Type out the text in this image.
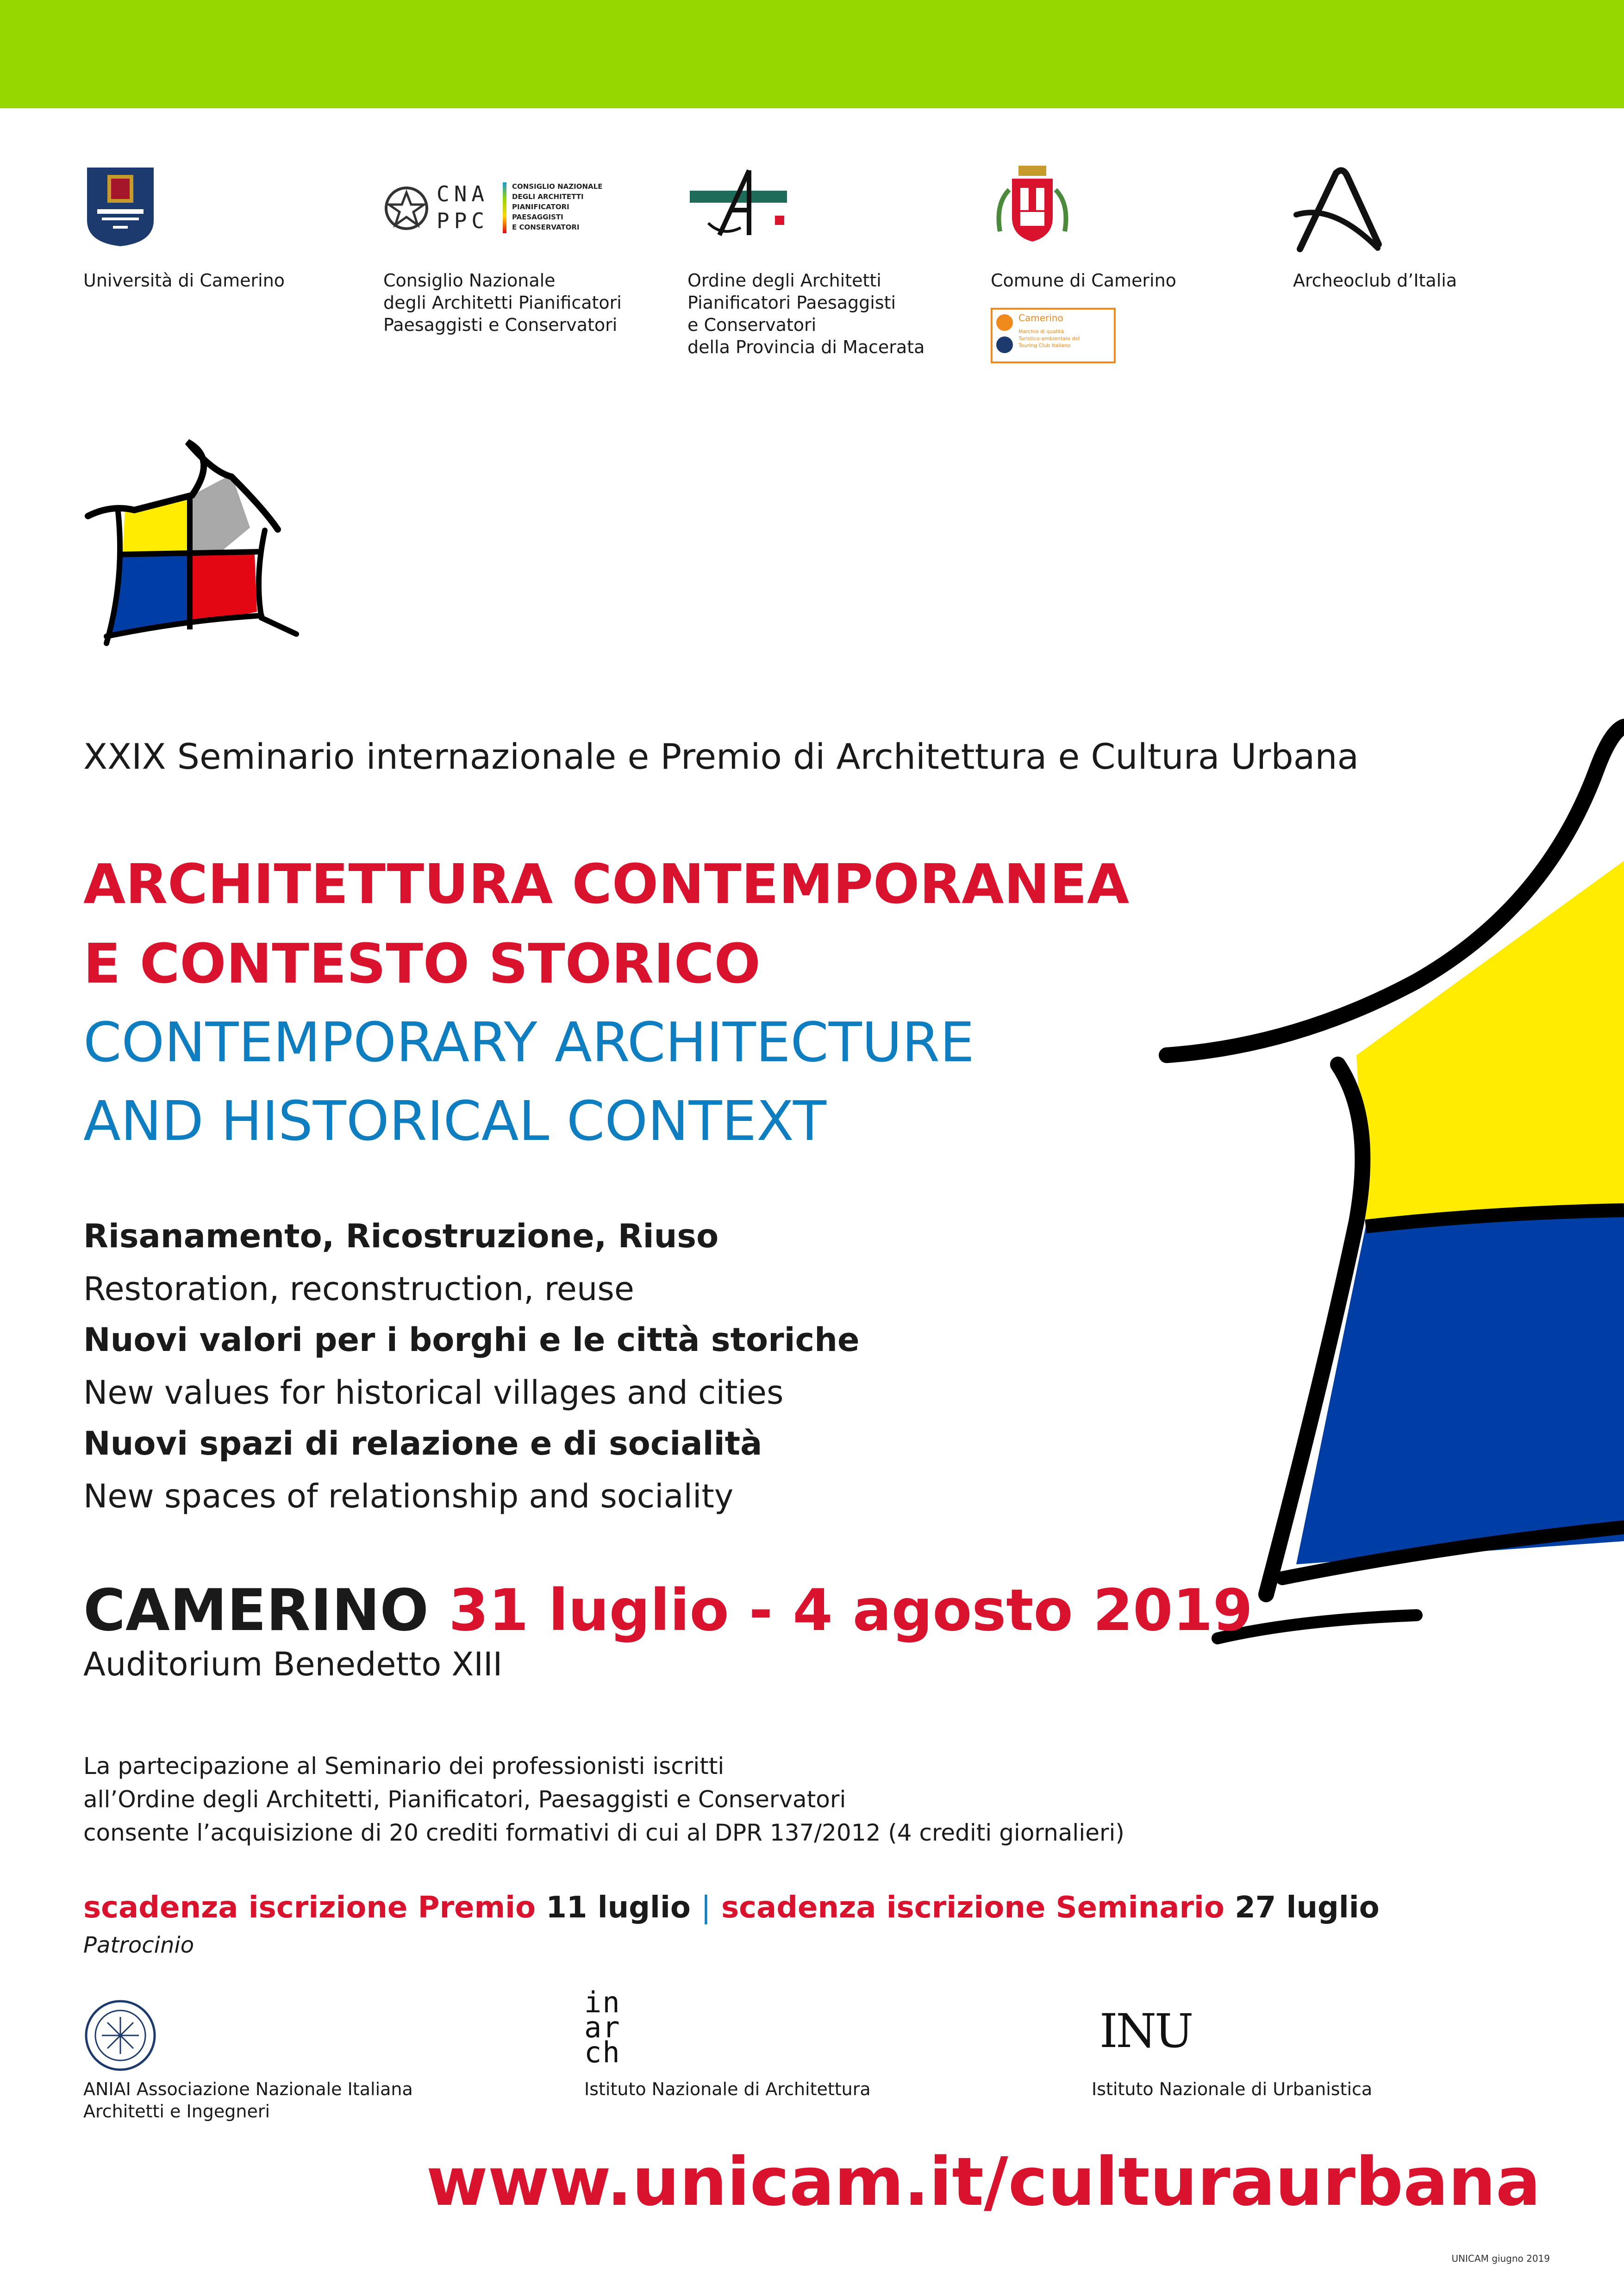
Università di Camerino
CNA
PPC
CONSIGLIO NAZIONALE
DEGLI ARCHITETTI
PIANIFICATORI
PAESAGGISTI
E CONSERVATORI
Consiglio Nazionale
degli Architetti Pianificatori
Paesaggisti e Conservatori
Ordine degli Architetti
Pianificatori Paesaggisti
e Conservatori
della Provincia di Macerata
Comune di Camerino
Camerino
Marchio di qualità
Turistico-ambientale del
Touring Club Italiano
Archeoclub d’Italia
XXIX Seminario internazionale e Premio di Architettura e Cultura Urbana
ARCHITETTURA CONTEMPORANEA
E CONTESTO STORICO
CONTEMPORARY ARCHITECTURE
AND HISTORICAL CONTEXT
Risanamento, Ricostruzione, Riuso
Restoration, reconstruction, reuse
Nuovi valori per i borghi e le città storiche
New values for historical villages and cities
Nuovi spazi di relazione e di socialità
New spaces of relationship and sociality
CAMERINO 31 luglio - 4 agosto 2019
Auditorium Benedetto XIII
La partecipazione al Seminario dei professionisti iscritti
all’Ordine degli Architetti, Pianificatori, Paesaggisti e Conservatori
consente l’acquisizione di 20 crediti formativi di cui al DPR 137/2012 (4 crediti giornalieri)
scadenza iscrizione Premio 11 luglio | scadenza iscrizione Seminario 27 luglio
Patrocinio
ANIAI Associazione Nazionale Italiana
Architetti e Ingegneri
in
ar
ch
Istituto Nazionale di Architettura
INU
Istituto Nazionale di Urbanistica
www.unicam.it/culturaurbana
UNICAM giugno 2019
